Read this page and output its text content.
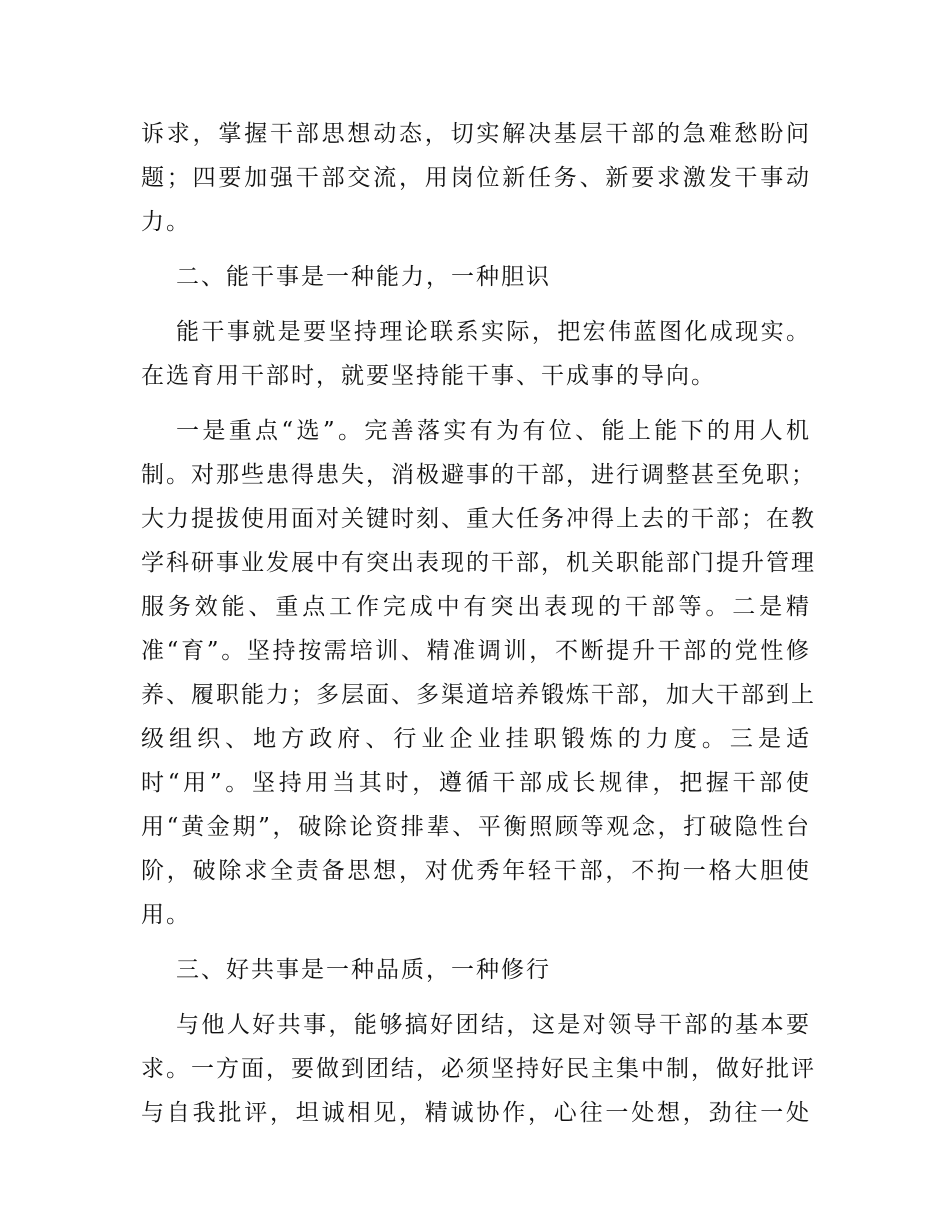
诉求，掌握干部思想动态，切实解决基层干部的急难愁盼问
题；四要加强干部交流，用岗位新任务、新要求激发干事动
力。
二、能干事是一种能力，一种胆识
能干事就是要坚持理论联系实际，把宏伟蓝图化成现实。
在选育用干部时，就要坚持能干事、干成事的导向。
一是重点“选”。完善落实有为有位、能上能下的用人机
制。对那些患得患失，消极避事的干部，进行调整甚至免职；
大力提拔使用面对关键时刻、重大任务冲得上去的干部；在教
学科研事业发展中有突出表现的干部，机关职能部门提升管理
服务效能、重点工作完成中有突出表现的干部等。二是精
准“育”。坚持按需培训、精准调训，不断提升干部的党性修
养、履职能力；多层面、多渠道培养锻炼干部，加大干部到上
级组织、地方政府、行业企业挂职锻炼的力度。三是适
时“用”。坚持用当其时，遵循干部成长规律，把握干部使
用“黄金期”，破除论资排辈、平衡照顾等观念，打破隐性台
阶，破除求全责备思想，对优秀年轻干部，不拘一格大胆使
用。
三、好共事是一种品质，一种修行
与他人好共事，能够搞好团结，这是对领导干部的基本要
求。一方面，要做到团结，必须坚持好民主集中制，做好批评
与自我批评，坦诚相见，精诚协作，心往一处想，劲往一处
